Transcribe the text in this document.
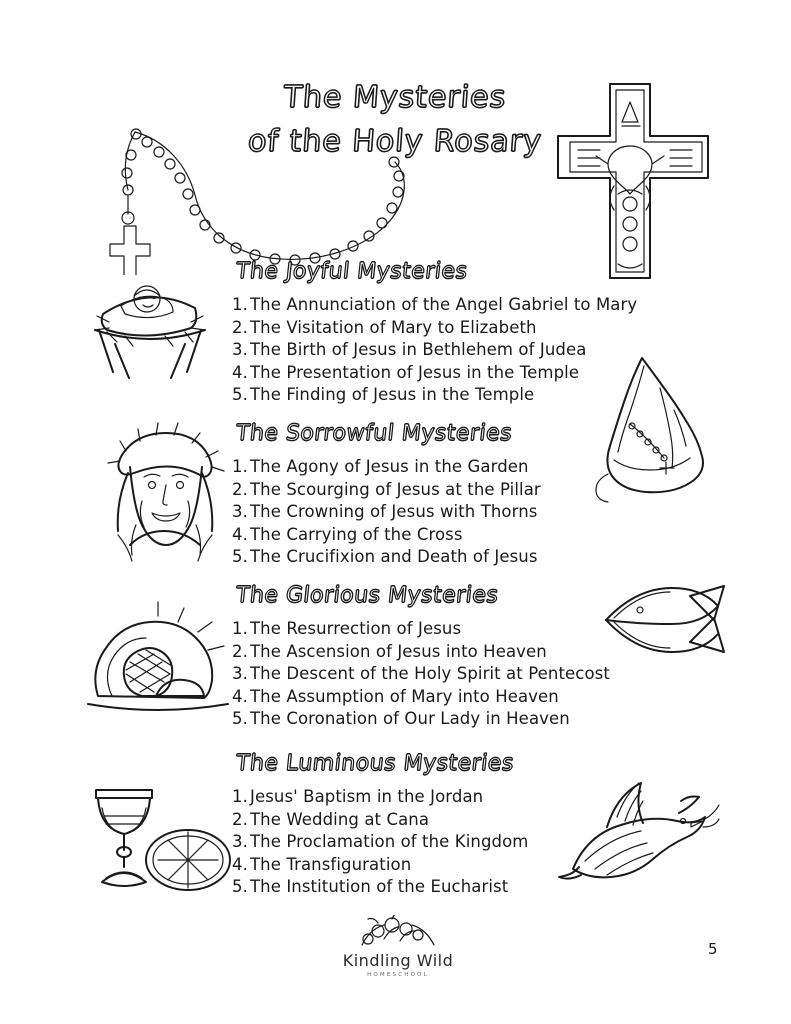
The Mysteries
of the Holy Rosary
The Joyful Mysteries
1. The Annunciation of the Angel Gabriel to Mary
2. The Visitation of Mary to Elizabeth
3. The Birth of Jesus in Bethlehem of Judea
4. The Presentation of Jesus in the Temple
5. The Finding of Jesus in the Temple
The Sorrowful Mysteries
1. The Agony of Jesus in the Garden
2. The Scourging of Jesus at the Pillar
3. The Crowning of Jesus with Thorns
4. The Carrying of the Cross
5. The Crucifixion and Death of Jesus
The Glorious Mysteries
1. The Resurrection of Jesus
2. The Ascension of Jesus into Heaven
3. The Descent of the Holy Spirit at Pentecost
4. The Assumption of Mary into Heaven
5. The Coronation of Our Lady in Heaven
The Luminous Mysteries
1. Jesus' Baptism in the Jordan
2. The Wedding at Cana
3. The Proclamation of the Kingdom
4. The Transfiguration
5. The Institution of the Eucharist
Kindling Wild
HOMESCHOOL
5
